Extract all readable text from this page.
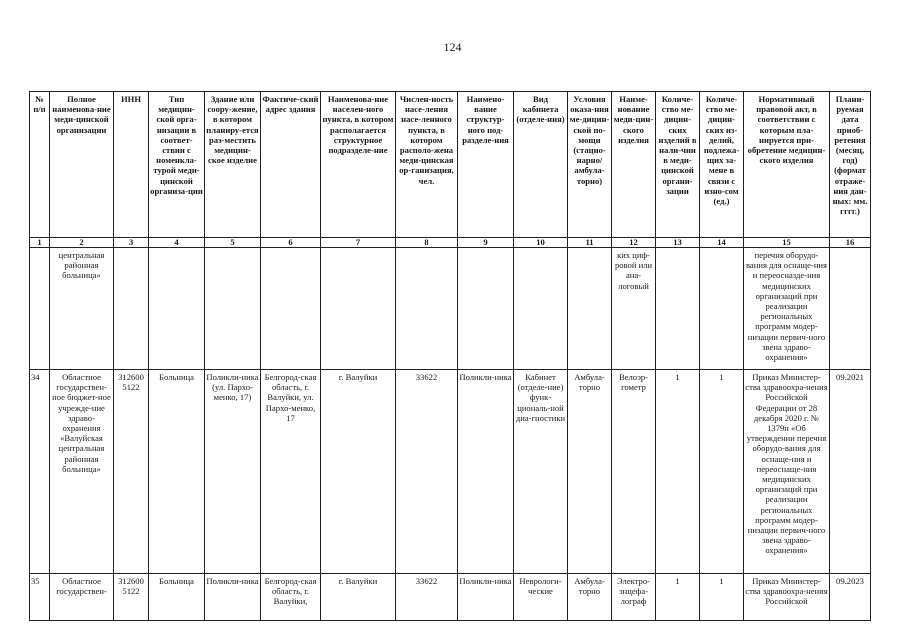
124
№ п/п	Полное наименова-ние меди-цинской организации	ИНН	Тип медицин-ской орга-низации в соответ-ствии с номенкла-турой меди-цинской организа-ции	Здание или соору-жение, в котором планиру-ется раз-местить медицин-ское изделие	Фактиче-ский адрес здания	Наименова-ние населен-ного пункта, в котором располагается структурное подразделе-ние	Числен-ность насе-ления насе-ленного пункта, в котором располо-жена меди-цинская ор-ганизация, чел.	Наимено-вание структур-ного под-разделе-ния	Вид кабинета (отделе-ния)	Условия оказа-ния ме-дицин-ской по-мощи (стацио-нарно/ амбула-торно)	Наиме-нование меди-цин-ского изделия	Количе-ство ме-дицин-ских изделий в нали-чии в меди-цинской органи-зации	Количе-ство ме-дицин-ских из-делий, подлежа-щих за-мене в связи с изно-сом (ед.)	Нормативный правовой акт, в соответствии с которым пла-нируется при-обретение медицин-ского изделия	Плани-руемая дата приоб-ретения (месяц, год) (формат отраже-ния дан-ных: мм. гггг.)
1	2	3	4	5	6	7	8	9	10	11	12	13	14	15	16
	центральная районная больница»										ких циф-ровой или ана-логовый			перечня оборудо-вания для оснаще-ния и переосназде-ния медицинских организаций при реализации региональных программ модер-низации первич-ного звена здраво-охранения»	
34	Областное государствен-ное бюджет-ное учрежде-ние здраво-охранения «Валуйская центральная районная больница»	312600 5122	Больница	Поликли-ника (ул. Пархо-менко, 17)	Белгород-ская область, г. Валуйки, ул. Пархо-менко, 17	г. Валуйки	33622	Поликли-ника	Кабинет (отделе-ние) функ-циональ-ной диа-гностики	Амбула-торно	Велоэр-гометр	1	1	Приказ Министер-ства здравоохра-нения Российской Федерации от 28 декабря 2020 г. № 1379н «Об утверждении перечня оборудо-вания для оснаще-ния и переоснаще-ния медицинских организаций при реализации региональных программ модер-низации первич-ного звена здраво-охранения»	09.2021
35	Областное государствен-	312600 5122	Больница	Поликли-ника	Белгород-ская область, г. Валуйки,	г. Валуйки	33622	Поликли-ника	Неврологи-ческие	Амбула-торно	Электро-энцефа-лограф	1	1	Приказ Министер-ства здравоохра-нения Российской	09.2023
